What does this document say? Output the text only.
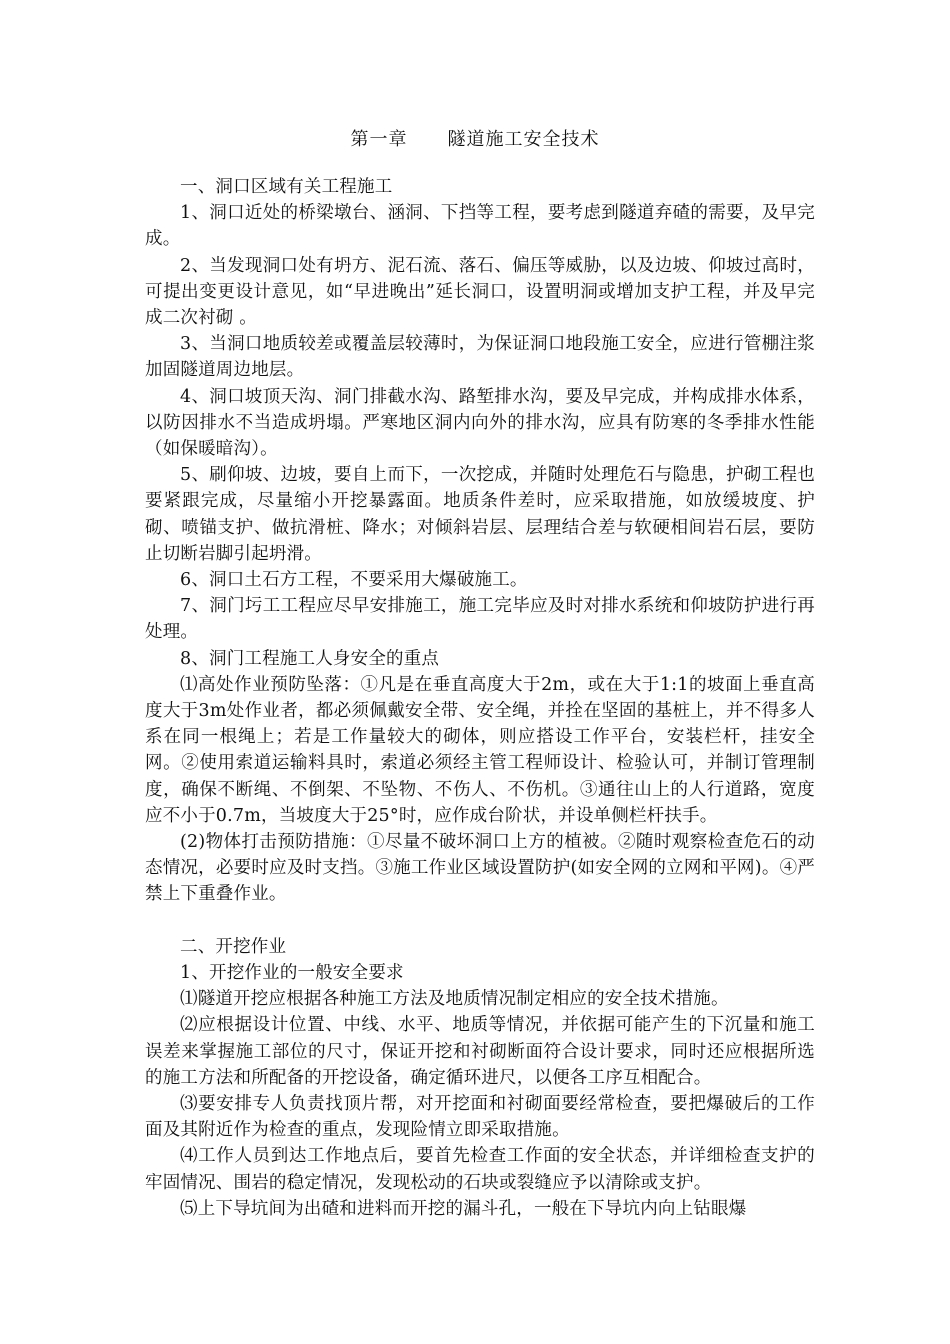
第一章 隧道施工安全技术

一、洞口区域有关工程施工

1、洞口近处的桥梁墩台、涵洞、下挡等工程，要考虑到隧道弃碴的需要，及早完成。

2、当发现洞口处有坍方、泥石流、落石、偏压等威胁，以及边坡、仰坡过高时，可提出变更设计意见，如“早进晚出”延长洞口，设置明洞或增加支护工程，并及早完成二次衬砌 。

3、当洞口地质较差或覆盖层较薄时，为保证洞口地段施工安全，应进行管棚注浆加固隧道周边地层。

4、洞口坡顶天沟、洞门排截水沟、路堑排水沟，要及早完成，并构成排水体系，以防因排水不当造成坍塌。严寒地区洞内向外的排水沟，应具有防寒的冬季排水性能（如保暖暗沟）。

5、刷仰坡、边坡，要自上而下，一次挖成，并随时处理危石与隐患，护砌工程也要紧跟完成，尽量缩小开挖暴露面。地质条件差时，应采取措施，如放缓坡度、护砌、喷锚支护、做抗滑桩、降水；对倾斜岩层、层理结合差与软硬相间岩石层，要防止切断岩脚引起坍滑。

6、洞口土石方工程，不要采用大爆破施工。

7、洞门圬工工程应尽早安排施工，施工完毕应及时对排水系统和仰坡防护进行再处理。

8、洞门工程施工人身安全的重点

⑴高处作业预防坠落：①凡是在垂直高度大于2m，或在大于1:1的坡面上垂直高度大于3m处作业者，都必须佩戴安全带、安全绳，并拴在坚固的基桩上，并不得多人系在同一根绳上；若是工作量较大的砌体，则应搭设工作平台，安装栏杆，挂安全网。②使用索道运输料具时，索道必须经主管工程师设计、检验认可，并制订管理制度，确保不断绳、不倒架、不坠物、不伤人、不伤机。③通往山上的人行道路，宽度应不小于0.7m，当坡度大于25°时，应作成台阶状，并设单侧栏杆扶手。

(2)物体打击预防措施：①尽量不破坏洞口上方的植被。②随时观察检查危石的动态情况，必要时应及时支挡。③施工作业区域设置防护(如安全网的立网和平网)。④严禁上下重叠作业。

二、开挖作业

1、开挖作业的一般安全要求

⑴隧道开挖应根据各种施工方法及地质情况制定相应的安全技术措施。

⑵应根据设计位置、中线、水平、地质等情况，并依据可能产生的下沉量和施工误差来掌握施工部位的尺寸，保证开挖和衬砌断面符合设计要求，同时还应根据所选的施工方法和所配备的开挖设备，确定循环进尺，以便各工序互相配合。

⑶要安排专人负责找顶片帮，对开挖面和衬砌面要经常检查，要把爆破后的工作面及其附近作为检查的重点，发现险情立即采取措施。

⑷工作人员到达工作地点后，要首先检查工作面的安全状态，并详细检查支护的牢固情况、围岩的稳定情况，发现松动的石块或裂缝应予以清除或支护。

⑸上下导坑间为出碴和进料而开挖的漏斗孔，一般在下导坑内向上钻眼爆
